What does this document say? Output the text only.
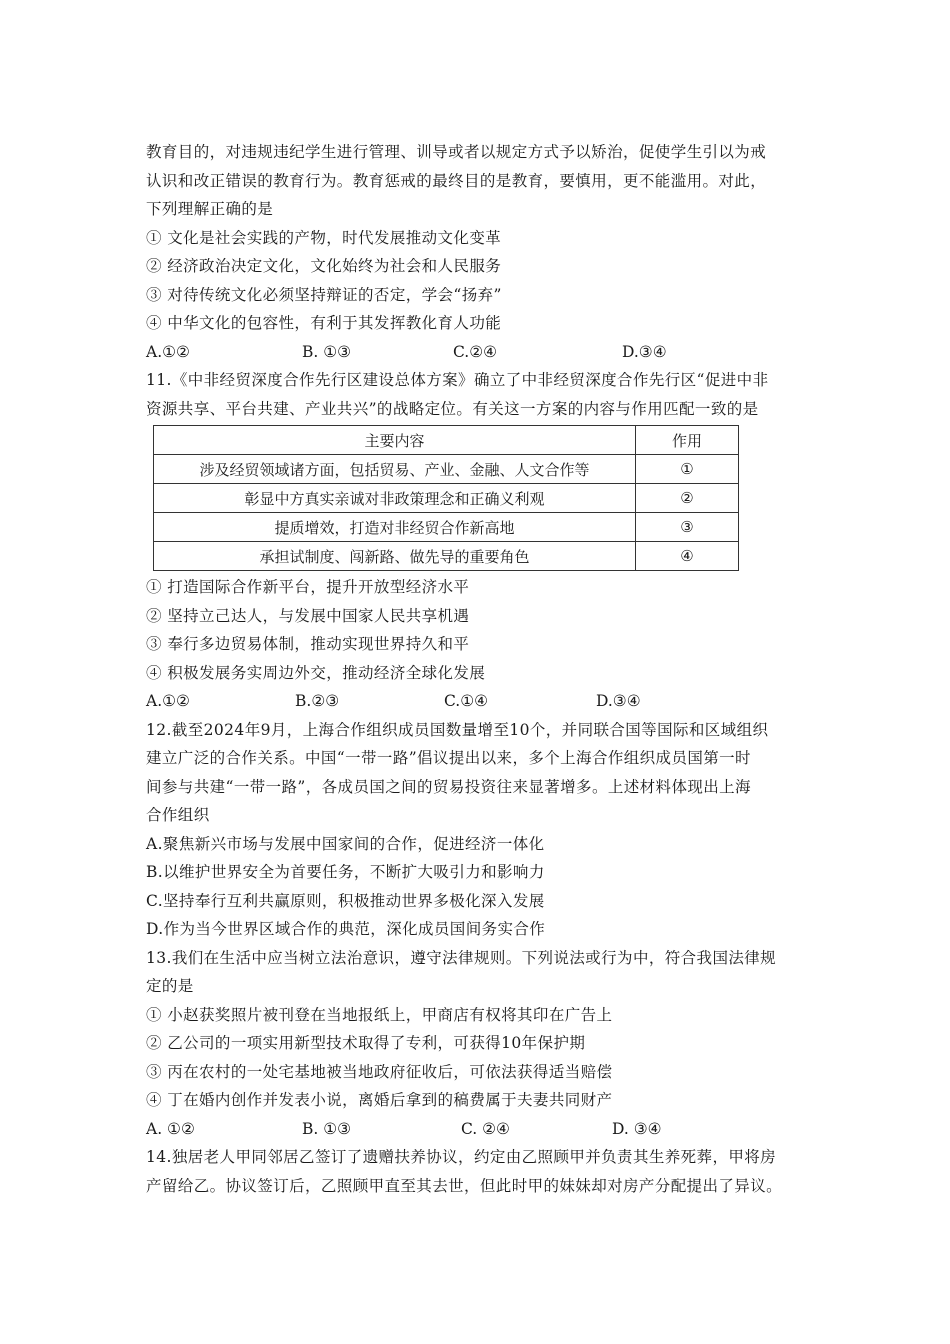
教育目的，对违规违纪学生进行管理、训导或者以规定方式予以矫治，促使学生引以为戒
认识和改正错误的教育行为。教育惩戒的最终目的是教育，要慎用，更不能滥用。对此，
下列理解正确的是
① 文化是社会实践的产物，时代发展推动文化变革
② 经济政治决定文化，文化始终为社会和人民服务
③ 对待传统文化必须坚持辩证的否定，学会“扬弃”
④ 中华文化的包容性，有利于其发挥教化育人功能
A.①②	B. ①③	C.②④	D.③④
11.《中非经贸深度合作先行区建设总体方案》确立了中非经贸深度合作先行区“促进中非
资源共享、平台共建、产业共兴”的战略定位。有关这一方案的内容与作用匹配一致的是
主要内容	作用
涉及经贸领域诸方面，包括贸易、产业、金融、人文合作等	①
彰显中方真实亲诚对非政策理念和正确义利观	②
提质增效，打造对非经贸合作新高地	③
承担试制度、闯新路、做先导的重要角色	④
① 打造国际合作新平台，提升开放型经济水平
② 坚持立己达人，与发展中国家人民共享机遇
③ 奉行多边贸易体制，推动实现世界持久和平
④ 积极发展务实周边外交，推动经济全球化发展
A.①②	B.②③	C.①④	D.③④
12.截至2024年9月，上海合作组织成员国数量增至10个，并同联合国等国际和区域组织
建立广泛的合作关系。中国“一带一路”倡议提出以来，多个上海合作组织成员国第一时
间参与共建“一带一路”，各成员国之间的贸易投资往来显著增多。上述材料体现出上海
合作组织
A.聚焦新兴市场与发展中国家间的合作，促进经济一体化
B.以维护世界安全为首要任务，不断扩大吸引力和影响力
C.坚持奉行互利共赢原则，积极推动世界多极化深入发展
D.作为当今世界区域合作的典范，深化成员国间务实合作
13.我们在生活中应当树立法治意识，遵守法律规则。下列说法或行为中，符合我国法律规
定的是
① 小赵获奖照片被刊登在当地报纸上，甲商店有权将其印在广告上
② 乙公司的一项实用新型技术取得了专利，可获得10年保护期
③ 丙在农村的一处宅基地被当地政府征收后，可依法获得适当赔偿
④ 丁在婚内创作并发表小说，离婚后拿到的稿费属于夫妻共同财产
A. ①②	B. ①③	C. ②④	D. ③④
14.独居老人甲同邻居乙签订了遗赠扶养协议，约定由乙照顾甲并负责其生养死葬，甲将房
产留给乙。协议签订后，乙照顾甲直至其去世，但此时甲的妹妹却对房产分配提出了异议。
